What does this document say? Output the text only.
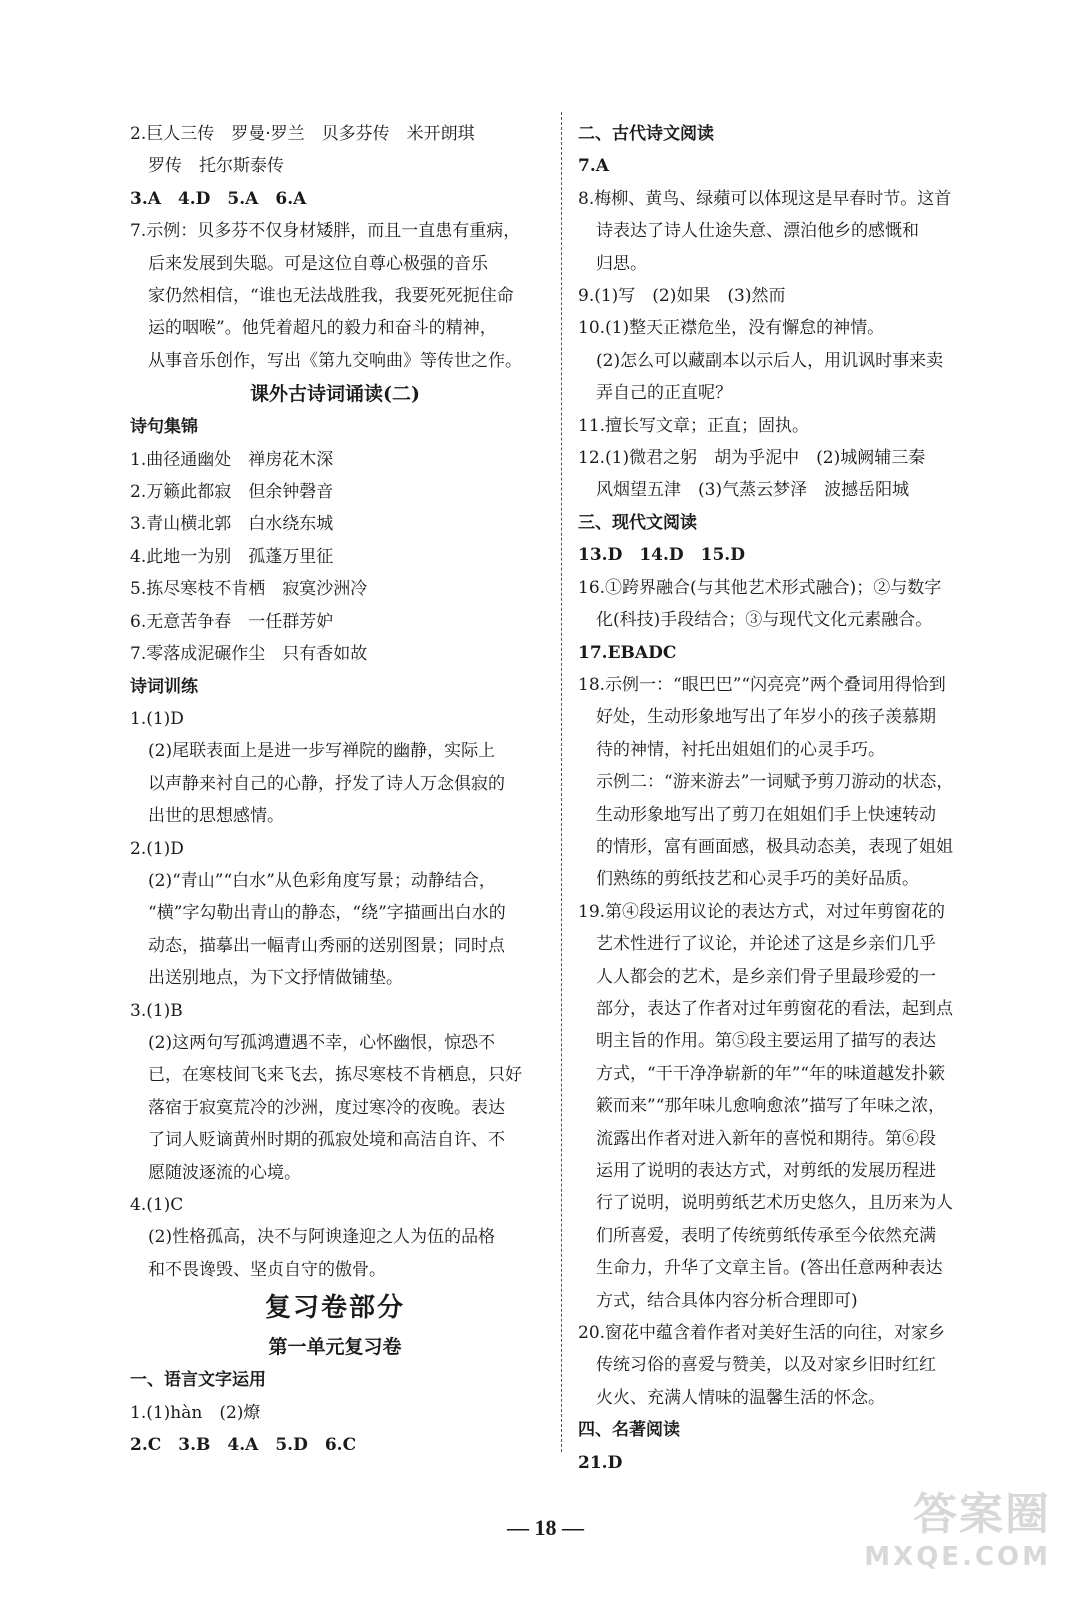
2.巨人三传　罗曼·罗兰　贝多芬传　米开朗琪
罗传　托尔斯泰传
3.A　4.D　5.A　6.A
7.示例：贝多芬不仅身材矮胖，而且一直患有重病，
后来发展到失聪。可是这位自尊心极强的音乐
家仍然相信，“谁也无法战胜我，我要死死扼住命
运的咽喉”。他凭着超凡的毅力和奋斗的精神，
从事音乐创作，写出《第九交响曲》等传世之作。
课外古诗词诵读(二)
诗句集锦
1.曲径通幽处　禅房花木深
2.万籁此都寂　但余钟磬音
3.青山横北郭　白水绕东城
4.此地一为别　孤蓬万里征
5.拣尽寒枝不肯栖　寂寞沙洲冷
6.无意苦争春　一任群芳妒
7.零落成泥碾作尘　只有香如故
诗词训练
1.(1)D
(2)尾联表面上是进一步写禅院的幽静，实际上
以声静来衬自己的心静，抒发了诗人万念俱寂的
出世的思想感情。
2.(1)D
(2)“青山”“白水”从色彩角度写景；动静结合，
“横”字勾勒出青山的静态，“绕”字描画出白水的
动态，描摹出一幅青山秀丽的送别图景；同时点
出送别地点，为下文抒情做铺垫。
3.(1)B
(2)这两句写孤鸿遭遇不幸，心怀幽恨，惊恐不
已，在寒枝间飞来飞去，拣尽寒枝不肯栖息，只好
落宿于寂寞荒冷的沙洲，度过寒冷的夜晚。表达
了词人贬谪黄州时期的孤寂处境和高洁自许、不
愿随波逐流的心境。
4.(1)C
(2)性格孤高，决不与阿谀逢迎之人为伍的品格
和不畏谗毁、坚贞自守的傲骨。
复习卷部分
第一单元复习卷
一、语言文字运用
1.(1)hàn　(2)燎
2.C　3.B　4.A　5.D　6.C
二、古代诗文阅读
7.A
8.梅柳、黄鸟、绿蘋可以体现这是早春时节。这首
诗表达了诗人仕途失意、漂泊他乡的感慨和
归思。
9.(1)写　(2)如果　(3)然而
10.(1)整天正襟危坐，没有懈怠的神情。
(2)怎么可以藏副本以示后人，用讥讽时事来卖
弄自己的正直呢？
11.擅长写文章；正直；固执。
12.(1)微君之躬　胡为乎泥中　(2)城阙辅三秦
风烟望五津　(3)气蒸云梦泽　波撼岳阳城
三、现代文阅读
13.D　14.D　15.D
16.①跨界融合(与其他艺术形式融合)；②与数字
化(科技)手段结合；③与现代文化元素融合。
17.EBADC
18.示例一：“眼巴巴”“闪亮亮”两个叠词用得恰到
好处，生动形象地写出了年岁小的孩子羡慕期
待的神情，衬托出姐姐们的心灵手巧。
示例二：“游来游去”一词赋予剪刀游动的状态，
生动形象地写出了剪刀在姐姐们手上快速转动
的情形，富有画面感，极具动态美，表现了姐姐
们熟练的剪纸技艺和心灵手巧的美好品质。
19.第④段运用议论的表达方式，对过年剪窗花的
艺术性进行了议论，并论述了这是乡亲们几乎
人人都会的艺术，是乡亲们骨子里最珍爱的一
部分，表达了作者对过年剪窗花的看法，起到点
明主旨的作用。第⑤段主要运用了描写的表达
方式，“干干净净崭新的年”“年的味道越发扑簌
簌而来”“那年味儿愈响愈浓”描写了年味之浓，
流露出作者对进入新年的喜悦和期待。第⑥段
运用了说明的表达方式，对剪纸的发展历程进
行了说明，说明剪纸艺术历史悠久，且历来为人
们所喜爱，表明了传统剪纸传承至今依然充满
生命力，升华了文章主旨。(答出任意两种表达
方式，结合具体内容分析合理即可)
20.窗花中蕴含着作者对美好生活的向往，对家乡
传统习俗的喜爱与赞美，以及对家乡旧时红红
火火、充满人情味的温馨生活的怀念。
四、名著阅读
21.D
— 18 —	答案圈
MXQE.COM
